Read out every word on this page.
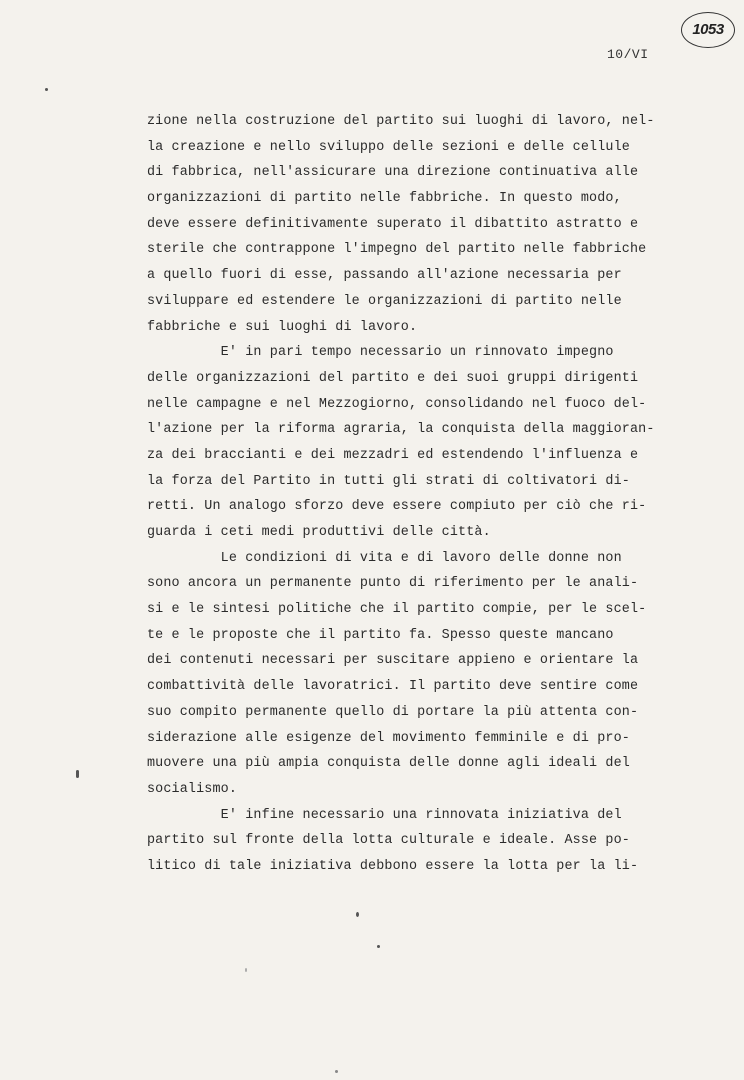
1053
10/VI
zione nella costruzione del partito sui luoghi di lavoro, nel-
la creazione e nello sviluppo delle sezioni e delle cellule
di fabbrica, nell'assicurare una direzione continuativa alle
organizzazioni di partito nelle fabbriche. In questo modo,
deve essere definitivamente superato il dibattito astratto e
sterile che contrappone l'impegno del partito nelle fabbriche
a quello fuori di esse, passando all'azione necessaria per
sviluppare ed estendere le organizzazioni di partito nelle
fabbriche e sui luoghi di lavoro.
E' in pari tempo necessario un rinnovato impegno
delle organizzazioni del partito e dei suoi gruppi dirigenti
nelle campagne e nel Mezzogiorno, consolidando nel fuoco del-
l'azione per la riforma agraria, la conquista della maggioran-
za dei braccianti e dei mezzadri ed estendendo l'influenza e
la forza del Partito in tutti gli strati di coltivatori di-
retti. Un analogo sforzo deve essere compiuto per ciò che ri-
guarda i ceti medi produttivi delle città.
Le condizioni di vita e di lavoro delle donne non
sono ancora un permanente punto di riferimento per le anali-
si e le sintesi politiche che il partito compie, per le scel-
te e le proposte che il partito fa. Spesso queste mancano
dei contenuti necessari per suscitare appieno e orientare la
combattività delle lavoratrici. Il partito deve sentire come
suo compito permanente quello di portare la più attenta con-
siderazione alle esigenze del movimento femminile e di pro-
muovere una più ampia conquista delle donne agli ideali del
socialismo.
E' infine necessario una rinnovata iniziativa del
partito sul fronte della lotta culturale e ideale. Asse po-
litico di tale iniziativa debbono essere la lotta per la li-
